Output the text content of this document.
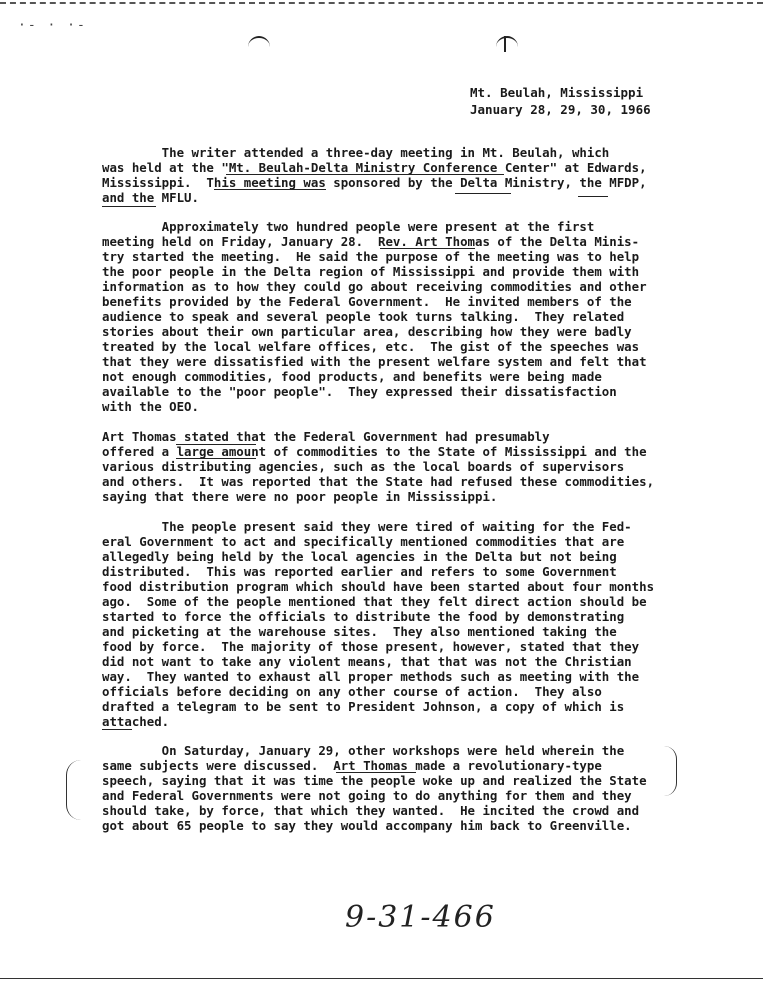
·- · ·-
Mt. Beulah, Mississippi
January 28, 29, 30, 1966
The writer attended a three-day meeting in Mt. Beulah, which
was held at the "Mt. Beulah-Delta Ministry Conference Center" at Edwards,
Mississippi.  This meeting was sponsored by the Delta Ministry, the MFDP,
and the MFLU.
Approximately two hundred people were present at the first
meeting held on Friday, January 28.  Rev. Art Thomas of the Delta Minis-
try started the meeting.  He said the purpose of the meeting was to help
the poor people in the Delta region of Mississippi and provide them with
information as to how they could go about receiving commodities and other
benefits provided by the Federal Government.  He invited members of the
audience to speak and several people took turns talking.  They related
stories about their own particular area, describing how they were badly
treated by the local welfare offices, etc.  The gist of the speeches was
that they were dissatisfied with the present welfare system and felt that
not enough commodities, food products, and benefits were being made
available to the "poor people".  They expressed their dissatisfaction
with the OEO.
Art Thomas stated that the Federal Government had presumably
offered a large amount of commodities to the State of Mississippi and the
various distributing agencies, such as the local boards of supervisors
and others.  It was reported that the State had refused these commodities,
saying that there were no poor people in Mississippi.
The people present said they were tired of waiting for the Fed-
eral Government to act and specifically mentioned commodities that are
allegedly being held by the local agencies in the Delta but not being
distributed.  This was reported earlier and refers to some Government
food distribution program which should have been started about four months
ago.  Some of the people mentioned that they felt direct action should be
started to force the officials to distribute the food by demonstrating
and picketing at the warehouse sites.  They also mentioned taking the
food by force.  The majority of those present, however, stated that they
did not want to take any violent means, that that was not the Christian
way.  They wanted to exhaust all proper methods such as meeting with the
officials before deciding on any other course of action.  They also
drafted a telegram to be sent to President Johnson, a copy of which is
attached.
On Saturday, January 29, other workshops were held wherein the
same subjects were discussed.  Art Thomas made a revolutionary-type
speech, saying that it was time the people woke up and realized the State
and Federal Governments were not going to do anything for them and they
should take, by force, that which they wanted.  He incited the crowd and
got about 65 people to say they would accompany him back to Greenville.
9-31-466
